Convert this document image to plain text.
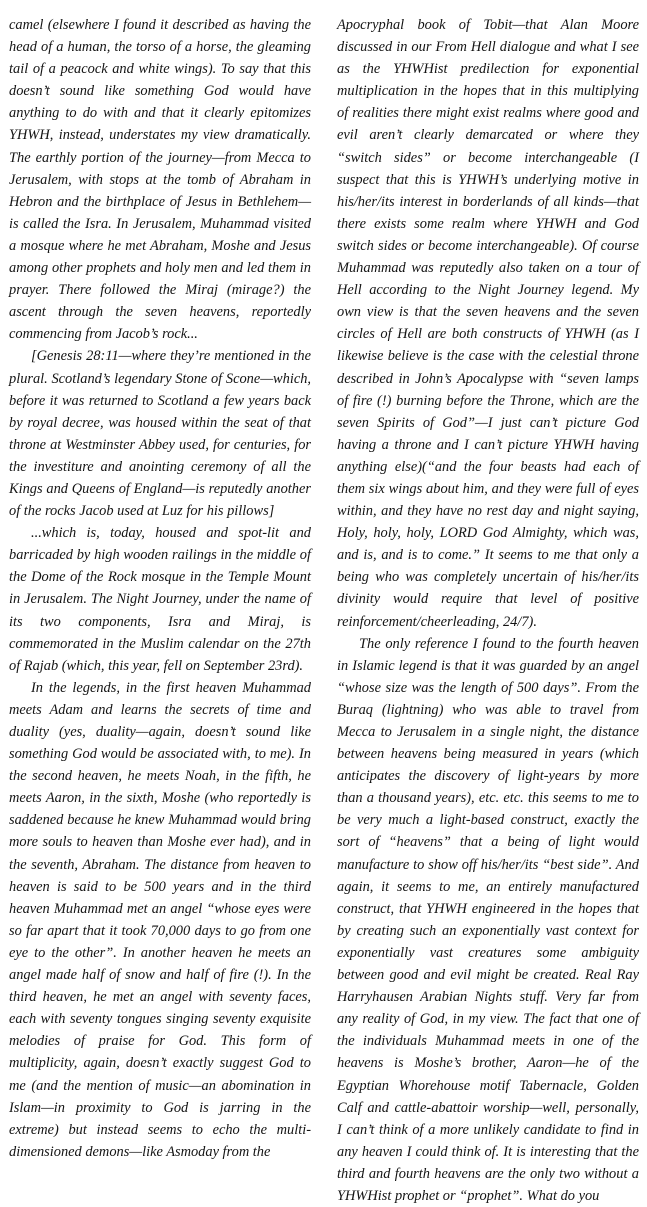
camel (elsewhere I found it described as having the head of a human, the torso of a horse, the gleaming tail of a peacock and white wings). To say that this doesn’t sound like something God would have anything to do with and that it clearly epitomizes YHWH, instead, understates my view dramatically. The earthly portion of the journey—from Mecca to Jerusalem, with stops at the tomb of Abraham in Hebron and the birthplace of Jesus in Bethlehem—is called the Isra. In Jerusalem, Muhammad visited a mosque where he met Abraham, Moshe and Jesus among other prophets and holy men and led them in prayer. There followed the Miraj (mirage?) the ascent through the seven heavens, reportedly commencing from Jacob’s rock...

[Genesis 28:11—where they’re mentioned in the plural. Scotland’s legendary Stone of Scone—which, before it was returned to Scotland a few years back by royal decree, was housed within the seat of that throne at Westminster Abbey used, for centuries, for the investiture and anointing ceremony of all the Kings and Queens of England—is reputedly another of the rocks Jacob used at Luz for his pillows]

...which is, today, housed and spot-lit and barricaded by high wooden railings in the middle of the Dome of the Rock mosque in the Temple Mount in Jerusalem. The Night Journey, under the name of its two components, Isra and Miraj, is commemorated in the Muslim calendar on the 27th of Rajab (which, this year, fell on September 23rd).

In the legends, in the first heaven Muhammad meets Adam and learns the secrets of time and duality (yes, duality—again, doesn’t sound like something God would be associated with, to me). In the second heaven, he meets Noah, in the fifth, he meets Aaron, in the sixth, Moshe (who reportedly is saddened because he knew Muhammad would bring more souls to heaven than Moshe ever had), and in the seventh, Abraham. The distance from heaven to heaven is said to be 500 years and in the third heaven Muhammad met an angel “whose eyes were so far apart that it took 70,000 days to go from one eye to the other”. In another heaven he meets an angel made half of snow and half of fire (!). In the third heaven, he met an angel with seventy faces, each with seventy tongues singing seventy exquisite melodies of praise for God. This form of multiplicity, again, doesn’t exactly suggest God to me (and the mention of music—an abomination in Islam—in proximity to God is jarring in the extreme) but instead seems to echo the multi-dimensioned demons—like Asmoday from the

Apocryphal book of Tobit—that Alan Moore discussed in our From Hell dialogue and what I see as the YHWHist predilection for exponential multiplication in the hopes that in this multiplying of realities there might exist realms where good and evil aren’t clearly demarcated or where they “switch sides” or become interchangeable (I suspect that this is YHWH’s underlying motive in his/her/its interest in borderlands of all kinds—that there exists some realm where YHWH and God switch sides or become interchangeable). Of course Muhammad was reputedly also taken on a tour of Hell according to the Night Journey legend. My own view is that the seven heavens and the seven circles of Hell are both constructs of YHWH (as I likewise believe is the case with the celestial throne described in John’s Apocalypse with “seven lamps of fire (!) burning before the Throne, which are the seven Spirits of God”—I just can’t picture God having a throne and I can’t picture YHWH having anything else)(“and the four beasts had each of them six wings about him, and they were full of eyes within, and they have no rest day and night saying, Holy, holy, holy, LORD God Almighty, which was, and is, and is to come.” It seems to me that only a being who was completely uncertain of his/her/its divinity would require that level of positive reinforcement/cheerleading, 24/7).

The only reference I found to the fourth heaven in Islamic legend is that it was guarded by an angel “whose size was the length of 500 days”. From the Buraq (lightning) who was able to travel from Mecca to Jerusalem in a single night, the distance between heavens being measured in years (which anticipates the discovery of light-years by more than a thousand years), etc. etc. this seems to me to be very much a light-based construct, exactly the sort of “heavens” that a being of light would manufacture to show off his/her/its “best side”. And again, it seems to me, an entirely manufactured construct, that YHWH engineered in the hopes that by creating such an exponentially vast context for exponentially vast creatures some ambiguity between good and evil might be created. Real Ray Harryhausen Arabian Nights stuff. Very far from any reality of God, in my view. The fact that one of the individuals Muhammad meets in one of the heavens is Moshe’s brother, Aaron—he of the Egyptian Whorehouse motif Tabernacle, Golden Calf and cattle-abattoir worship—well, personally, I can’t think of a more unlikely candidate to find in any heaven I could think of. It is interesting that the third and fourth heavens are the only two without a YHWHist prophet or “prophet”. What do you
